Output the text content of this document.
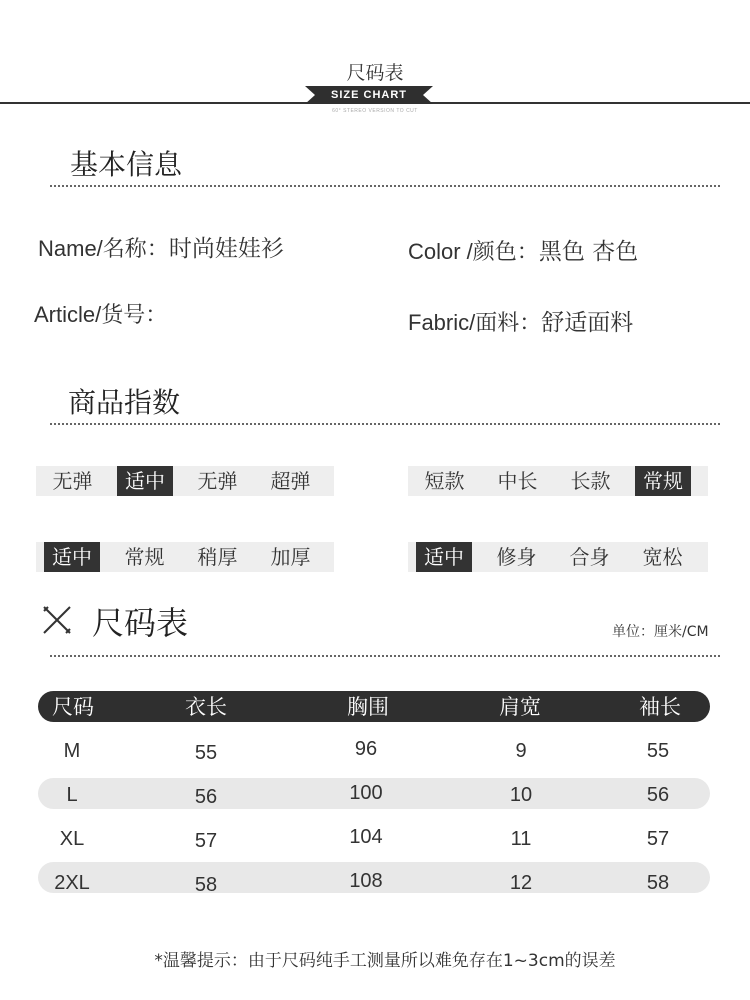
尺码表
SIZE CHART
60° STEREO VERSION TO CUT
基本信息
Name/名称：时尚娃娃衫	Color /颜色：黑色 杏色
Article/货号：	Fabric/面料：舒适面料
商品指数
无弹	适中	无弹	超弹	短款	中长	长款	常规
适中	常规	稍厚	加厚	适中	修身	合身	宽松
尺码表	单位：厘米/CM
尺码	衣长	胸围	肩宽	袖长
M	55	96	9	55
L	56	100	10	56
XL	57	104	11	57
2XL	58	108	12	58
*温馨提示：由于尺码纯手工测量所以难免存在1~3cm的误差
